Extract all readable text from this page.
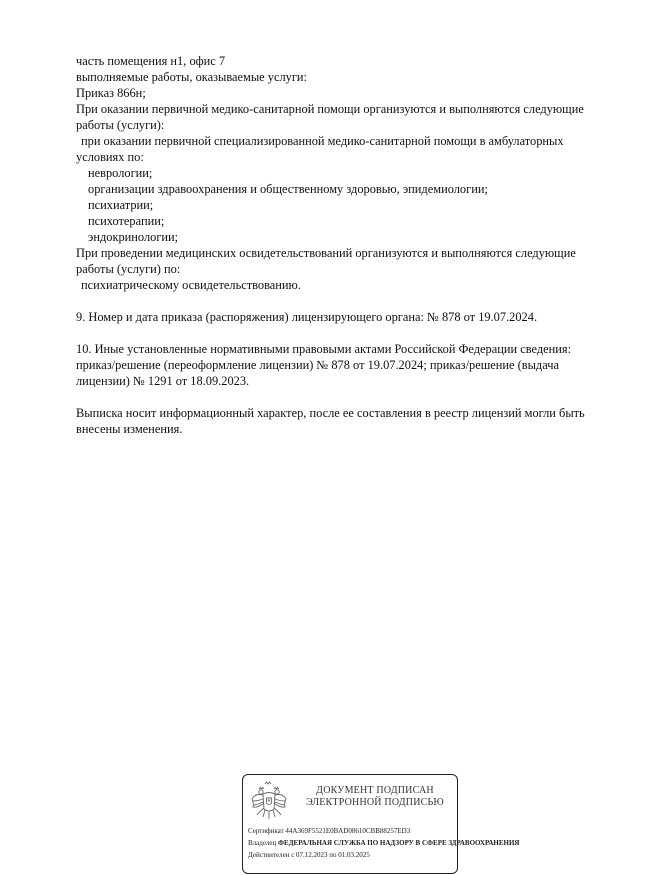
часть помещения н1, офис 7
выполняемые работы, оказываемые услуги:
Приказ 866н;
При оказании первичной медико-санитарной помощи организуются и выполняются следующие
работы (услуги):
при оказании первичной специализированной медико-санитарной помощи в амбулаторных
условиях по:
неврологии;
организации здравоохранения и общественному здоровью, эпидемиологии;
психиатрии;
психотерапии;
эндокринологии;
При проведении медицинских освидетельствований организуются и выполняются следующие
работы (услуги) по:
психиатрическому освидетельствованию.
9. Номер и дата приказа (распоряжения) лицензирующего органа: № 878 от 19.07.2024.
10. Иные установленные нормативными правовыми актами Российской Федерации сведения:
приказ/решение (переоформление лицензии) № 878 от 19.07.2024; приказ/решение (выдача
лицензии) № 1291 от 18.09.2023.
Выписка носит информационный характер, после ее составления в реестр лицензий могли быть
внесены изменения.
ДОКУМЕНТ ПОДПИСАН
ЭЛЕКТРОННОЙ ПОДПИСЬЮ
Сертификат 44A369F5521E0BAD08610CBB88257ED3
Владелец ФЕДЕРАЛЬНАЯ СЛУЖБА ПО НАДЗОРУ В СФЕРЕ ЗДРАВООХРАНЕНИЯ
Действителен с 07.12.2023 по 01.03.2025
